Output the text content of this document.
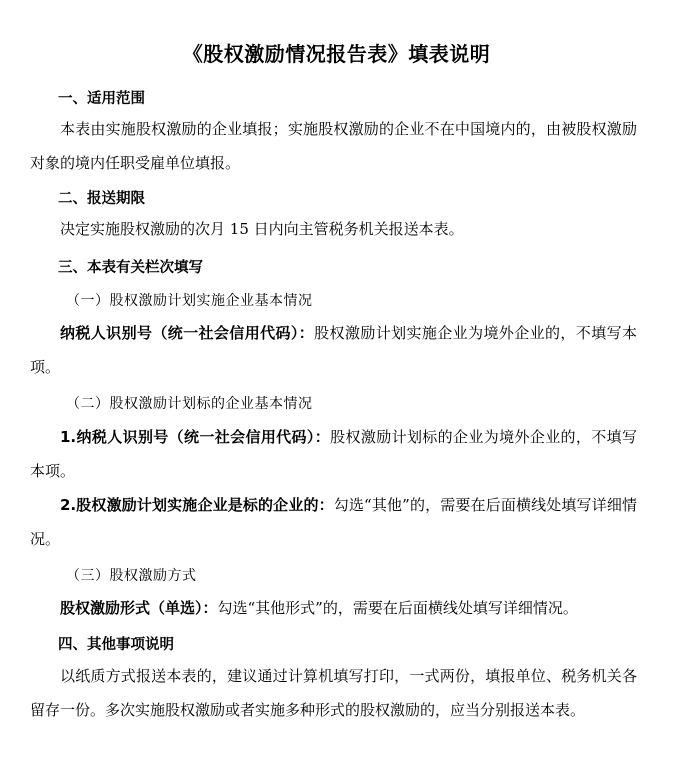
《股权激励情况报告表》填表说明
一、适用范围
本表由实施股权激励的企业填报；实施股权激励的企业不在中国境内的，由被股权激励对象的境内任职受雇单位填报。
二、报送期限
决定实施股权激励的次月 15 日内向主管税务机关报送本表。
三、本表有关栏次填写
（一）股权激励计划实施企业基本情况
纳税人识别号（统一社会信用代码）：股权激励计划实施企业为境外企业的，不填写本项。
（二）股权激励计划标的企业基本情况
1.纳税人识别号（统一社会信用代码）：股权激励计划标的企业为境外企业的，不填写本项。
2.股权激励计划实施企业是标的企业的：勾选“其他”的，需要在后面横线处填写详细情况。
（三）股权激励方式
股权激励形式（单选）：勾选“其他形式”的，需要在后面横线处填写详细情况。
四、其他事项说明
以纸质方式报送本表的，建议通过计算机填写打印，一式两份，填报单位、税务机关各留存一份。多次实施股权激励或者实施多种形式的股权激励的，应当分别报送本表。
